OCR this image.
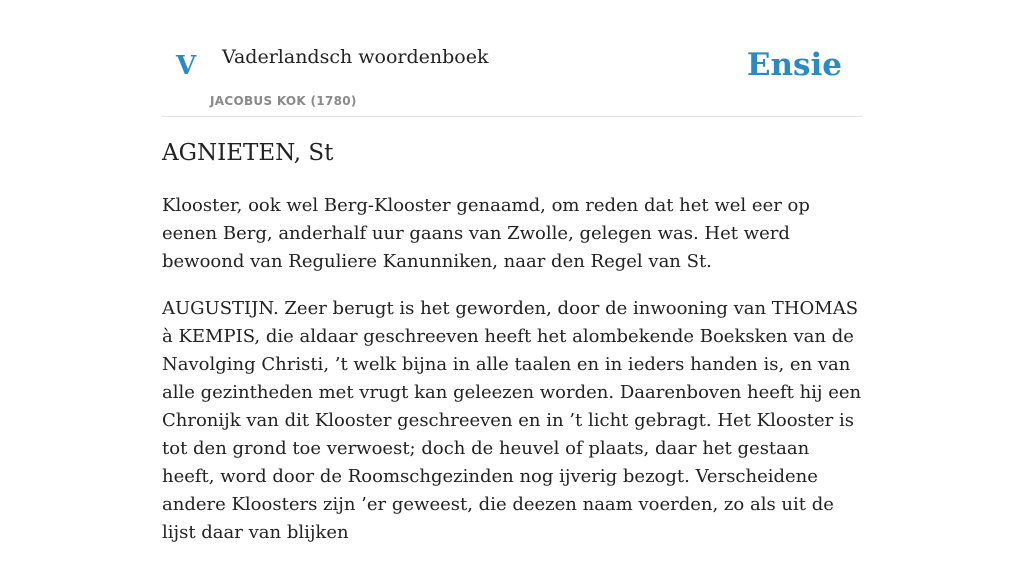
V Vaderlandsch woordenboek
JACOBUS KOK (1780)
Ensie
AGNIETEN, St

Klooster, ook wel Berg-Klooster genaamd, om reden dat het wel eer op eenen Berg, anderhalf uur gaans van Zwolle, gelegen was. Het werd bewoond van Reguliere Kanunniken, naar den Regel van St.

AUGUSTIJN. Zeer berugt is het geworden, door de inwooning van THOMAS à KEMPIS, die aldaar geschreeven heeft het alombekende Boeksken van de Navolging Christi, ’t welk bijna in alle taalen en in ieders handen is, en van alle gezintheden met vrugt kan geleezen worden. Daarenboven heeft hij een Chronijk van dit Klooster geschreeven en in ’t licht gebragt. Het Klooster is tot den grond toe verwoest; doch de heuvel of plaats, daar het gestaan heeft, word door de Roomschgezinden nog ijverig bezogt. Verscheidene andere Kloosters zijn ’er geweest, die deezen naam voerden, zo als uit de lijst daar van blijken
